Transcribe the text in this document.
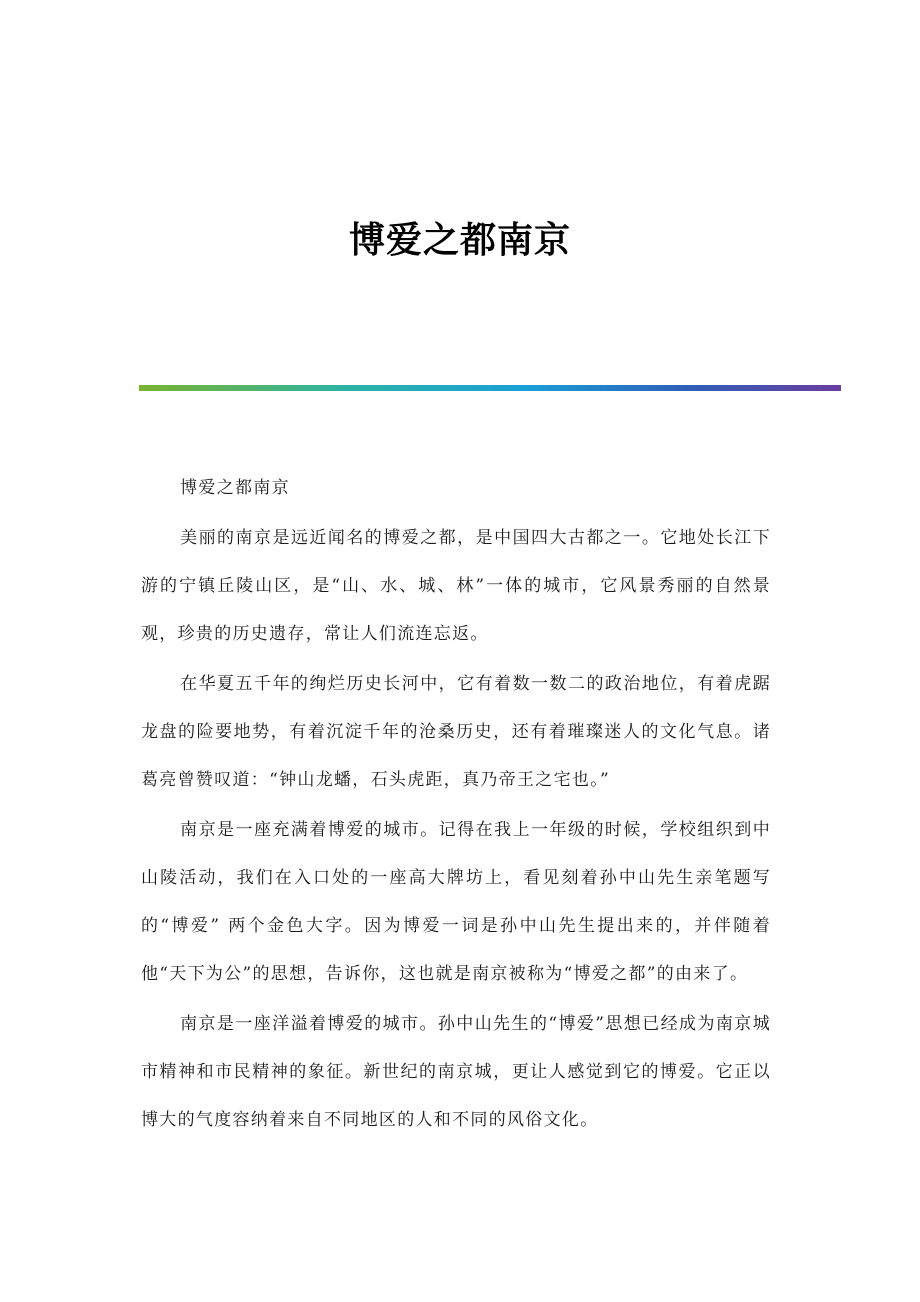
博爱之都南京

博爱之都南京

美丽的南京是远近闻名的博爱之都，是中国四大古都之一。它地处长江下游的宁镇丘陵山区，是“山、水、城、林”一体的城市，它风景秀丽的自然景观，珍贵的历史遗存，常让人们流连忘返。

在华夏五千年的绚烂历史长河中，它有着数一数二的政治地位，有着虎踞龙盘的险要地势，有着沉淀千年的沧桑历史，还有着璀璨迷人的文化气息。诸葛亮曾赞叹道：“钟山龙蟠，石头虎距，真乃帝王之宅也。”

南京是一座充满着博爱的城市。记得在我上一年级的时候，学校组织到中山陵活动，我们在入口处的一座高大牌坊上，看见刻着孙中山先生亲笔题写的“博爱” 两个金色大字。因为博爱一词是孙中山先生提出来的，并伴随着他“天下为公”的思想，告诉你，这也就是南京被称为“博爱之都”的由来了。

南京是一座洋溢着博爱的城市。孙中山先生的“博爱”思想已经成为南京城市精神和市民精神的象征。新世纪的南京城，更让人感觉到它的博爱。它正以博大的气度容纳着来自不同地区的人和不同的风俗文化。
